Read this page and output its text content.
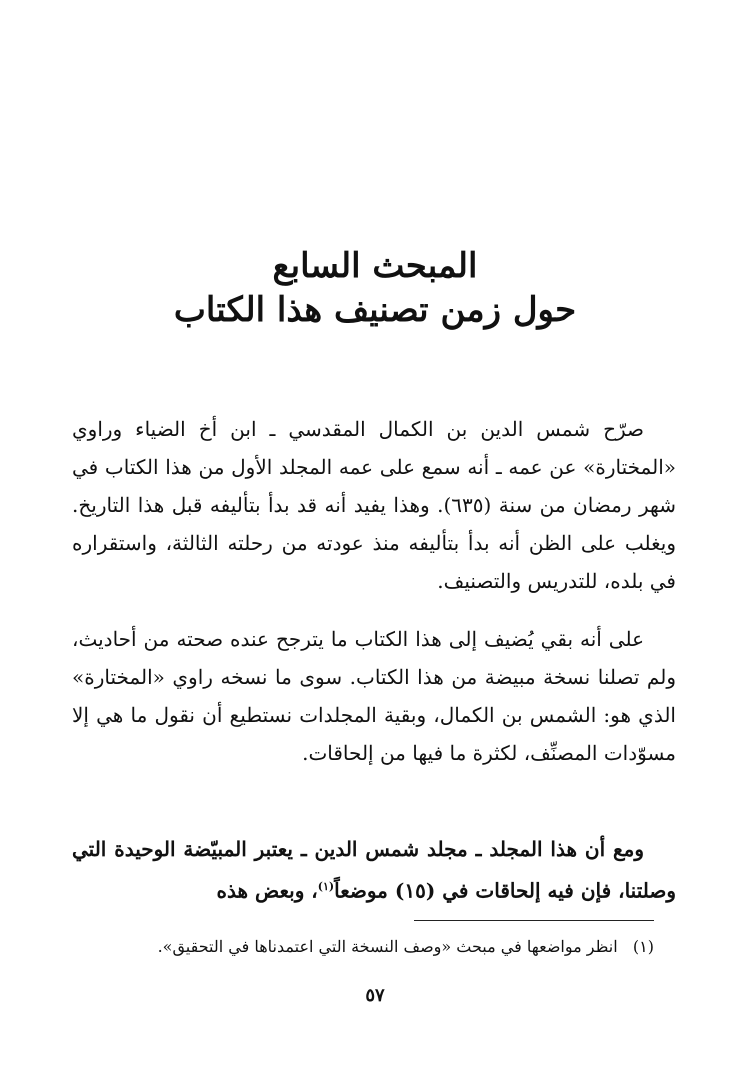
المبحث السابع
حول زمن تصنيف هذا الكتاب

صرّح شمس الدين بن الكمال المقدسي ـ ابن أخ الضياء وراوي «المختارة» عن عمه ـ أنه سمع على عمه المجلد الأول من هذا الكتاب في شهر رمضان من سنة (٦٣٥). وهذا يفيد أنه قد بدأ بتأليفه قبل هذا التاريخ. ويغلب على الظن أنه بدأ بتأليفه منذ عودته من رحلته الثالثة، واستقراره في بلده، للتدريس والتصنيف.

على أنه بقي يُضيف إلى هذا الكتاب ما يترجح عنده صحته من أحاديث، ولم تصلنا نسخة مبيضة من هذا الكتاب. سوى ما نسخه راوي «المختارة» الذي هو: الشمس بن الكمال، وبقية المجلدات نستطيع أن نقول ما هي إلا مسوّدات المصنِّف، لكثرة ما فيها من إلحاقات.

ومع أن هذا المجلد ـ مجلد شمس الدين ـ يعتبر المبيّضة الوحيدة التي وصلتنا، فإن فيه إلحاقات في (١٥) موضعاً$^{(١)}$، وبعض هذه

(١)   انظر مواضعها في مبحث «وصف النسخة التي اعتمدناها في التحقيق».

٥٧
